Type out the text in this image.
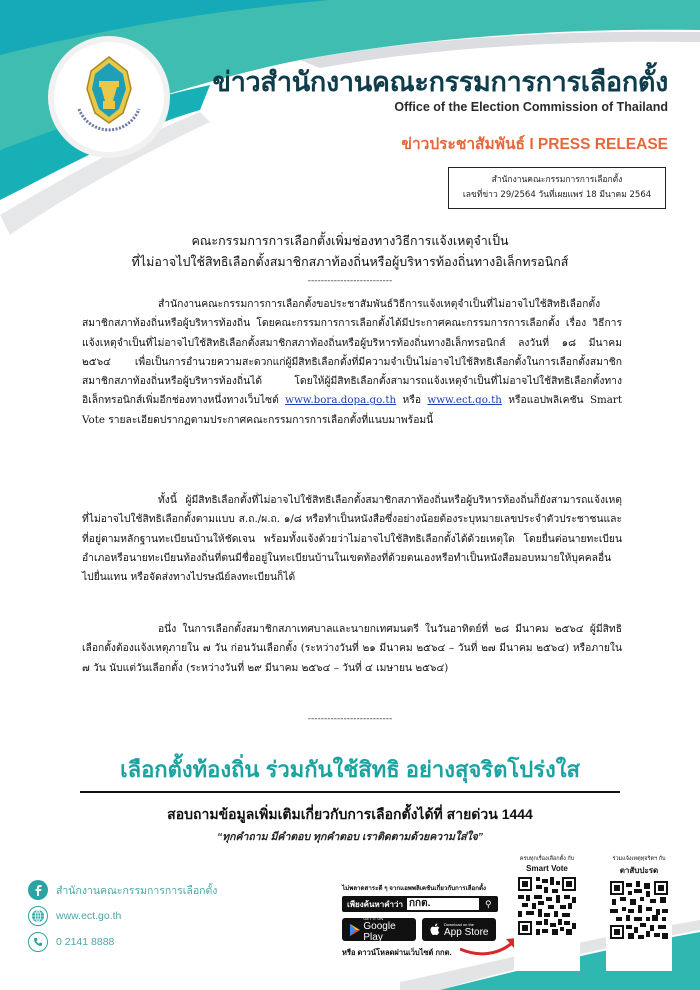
ข่าวสำนักงานคณะกรรมการการเลือกตั้ง
Office of the Election Commission of Thailand
ข่าวประชาสัมพันธ์ I PRESS RELEASE
สำนักงานคณะกรรมการการเลือกตั้ง
เลขที่ข่าว 29/2564 วันที่เผยแพร่ 18 มีนาคม 2564
คณะกรรมการการเลือกตั้งเพิ่มช่องทางวิธีการแจ้งเหตุจำเป็น
ที่ไม่อาจไปใช้สิทธิเลือกตั้งสมาชิกสภาท้องถิ่นหรือผู้บริหารท้องถิ่นทางอิเล็กทรอนิกส์
--------------------------

สำนักงานคณะกรรมการการเลือกตั้งขอประชาสัมพันธ์วิธีการแจ้งเหตุจำเป็นที่ไม่อาจไปใช้สิทธิเลือกตั้งสมาชิกสภาท้องถิ่นหรือผู้บริหารท้องถิ่น โดยคณะกรรมการการเลือกตั้งได้มีประกาศคณะกรรมการการเลือกตั้ง เรื่อง วิธีการแจ้งเหตุจำเป็นที่ไม่อาจไปใช้สิทธิเลือกตั้งสมาชิกสภาท้องถิ่นหรือผู้บริหารท้องถิ่นทางอิเล็กทรอนิกส์ ลงวันที่ ๑๘ มีนาคม ๒๕๖๔ เพื่อเป็นการอำนวยความสะดวกแก่ผู้มีสิทธิเลือกตั้งที่มีความจำเป็นไม่อาจไปใช้สิทธิเลือกตั้งในการเลือกตั้งสมาชิกสมาชิกสภาท้องถิ่นหรือผู้บริหารท้องถิ่นได้ โดยให้ผู้มีสิทธิเลือกตั้งสามารถแจ้งเหตุจำเป็นที่ไม่อาจไปใช้สิทธิเลือกตั้งทางอิเล็กทรอนิกส์เพิ่มอีกช่องทางหนึ่งทางเว็บไซต์ www.bora.dopa.go.th หรือ www.ect.go.th หรือแอปพลิเคชัน Smart Vote รายละเอียดปรากฏตามประกาศคณะกรรมการการเลือกตั้งที่แนบมาพร้อมนี้

ทั้งนี้ ผู้มีสิทธิเลือกตั้งที่ไม่อาจไปใช้สิทธิเลือกตั้งสมาชิกสภาท้องถิ่นหรือผู้บริหารท้องถิ่นก็ยังสามารถแจ้งเหตุที่ไม่อาจไปใช้สิทธิเลือกตั้งตามแบบ ส.ถ./ผ.ถ. ๑/๘ หรือทำเป็นหนังสือซึ่งอย่างน้อยต้องระบุหมายเลขประจำตัวประชาชนและที่อยู่ตามหลักฐานทะเบียนบ้านให้ชัดเจน พร้อมทั้งแจ้งด้วยว่าไม่อาจไปใช้สิทธิเลือกตั้งได้ด้วยเหตุใด โดยยื่นต่อนายทะเบียนอำเภอหรือนายทะเบียนท้องถิ่นที่ตนมีชื่ออยู่ในทะเบียนบ้านในเขตท้องที่ด้วยตนเองหรือทำเป็นหนังสือมอบหมายให้บุคคลอื่นไปยื่นแทน หรือจัดส่งทางไปรษณีย์ลงทะเบียนก็ได้

อนึ่ง ในการเลือกตั้งสมาชิกสภาเทศบาลและนายกเทศมนตรี ในวันอาทิตย์ที่ ๒๘ มีนาคม ๒๕๖๔ ผู้มีสิทธิเลือกตั้งต้องแจ้งเหตุภายใน ๗ วัน ก่อนวันเลือกตั้ง (ระหว่างวันที่ ๒๑ มีนาคม ๒๕๖๔ – วันที่ ๒๗ มีนาคม ๒๕๖๔) หรือภายใน ๗ วัน นับแต่วันเลือกตั้ง (ระหว่างวันที่ ๒๙ มีนาคม ๒๕๖๔ – วันที่ ๔ เมษายน ๒๕๖๔)

--------------------------
เลือกตั้งท้องถิ่น ร่วมกันใช้สิทธิ อย่างสุจริตโปร่งใส
สอบถามข้อมูลเพิ่มเติมเกี่ยวกับการเลือกตั้งได้ที่ สายด่วน 1444
“ทุกคำถาม มีคำตอบ ทุกคำตอบ เราติดตามด้วยความใส่ใจ”
สำนักงานคณะกรรมการการเลือกตั้ง
www.ect.go.th
0 2141 8888
ไม่พลาดสาระดี ๆ จากแอพพลิเคชันเกี่ยวกับการเลือกตั้ง
เพียงค้นหาคำว่า กกต.	⚲
GET IT ON
Google Play
Download on the
App Store
หรือ ดาวน์โหลดผ่านเว็บไซต์ กกต.
ครบทุกเรื่องเลือกตั้ง กับ
Smart Vote
ร่วมแจ้งเหตุทุจริตฯ กับ
ตาสับปะรด
